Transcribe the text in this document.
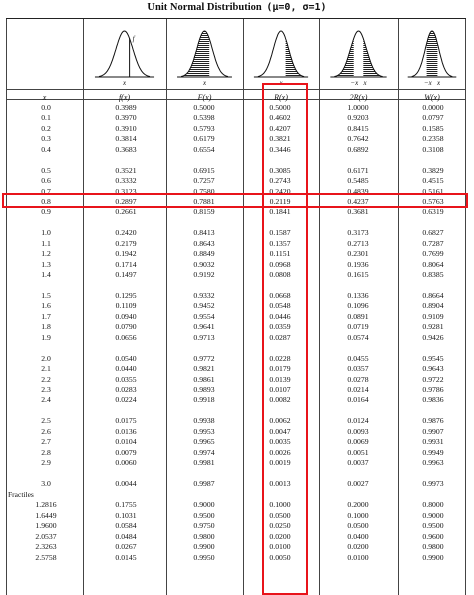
Unit Normal Distribution (μ=0, σ=1)
x
f
x	x	−x   x	−x   x
x	f(x)	F(x)	R(x)	2R(x)	W(x)
0.0	0.3989	0.5000	0.5000	1.0000	0.0000
0.1	0.3970	0.5398	0.4602	0.9203	0.0797
0.2	0.3910	0.5793	0.4207	0.8415	0.1585
0.3	0.3814	0.6179	0.3821	0.7642	0.2358
0.4	0.3683	0.6554	0.3446	0.6892	0.3108
0.5	0.3521	0.6915	0.3085	0.6171	0.3829
0.6	0.3332	0.7257	0.2743	0.5485	0.4515
0.7	0.3123	0.7580	0.2420	0.4839	0.5161
0.8	0.2897	0.7881	0.2119	0.4237	0.5763
0.9	0.2661	0.8159	0.1841	0.3681	0.6319
1.0	0.2420	0.8413	0.1587	0.3173	0.6827
1.1	0.2179	0.8643	0.1357	0.2713	0.7287
1.2	0.1942	0.8849	0.1151	0.2301	0.7699
1.3	0.1714	0.9032	0.0968	0.1936	0.8064
1.4	0.1497	0.9192	0.0808	0.1615	0.8385
1.5	0.1295	0.9332	0.0668	0.1336	0.8664
1.6	0.1109	0.9452	0.0548	0.1096	0.8904
1.7	0.0940	0.9554	0.0446	0.0891	0.9109
1.8	0.0790	0.9641	0.0359	0.0719	0.9281
1.9	0.0656	0.9713	0.0287	0.0574	0.9426
2.0	0.0540	0.9772	0.0228	0.0455	0.9545
2.1	0.0440	0.9821	0.0179	0.0357	0.9643
2.2	0.0355	0.9861	0.0139	0.0278	0.9722
2.3	0.0283	0.9893	0.0107	0.0214	0.9786
2.4	0.0224	0.9918	0.0082	0.0164	0.9836
2.5	0.0175	0.9938	0.0062	0.0124	0.9876
2.6	0.0136	0.9953	0.0047	0.0093	0.9907
2.7	0.0104	0.9965	0.0035	0.0069	0.9931
2.8	0.0079	0.9974	0.0026	0.0051	0.9949
2.9	0.0060	0.9981	0.0019	0.0037	0.9963
3.0	0.0044	0.9987	0.0013	0.0027	0.9973
Fractiles
1.2816	0.1755	0.9000	0.1000	0.2000	0.8000
1.6449	0.1031	0.9500	0.0500	0.1000	0.9000
1.9600	0.0584	0.9750	0.0250	0.0500	0.9500
2.0537	0.0484	0.9800	0.0200	0.0400	0.9600
2.3263	0.0267	0.9900	0.0100	0.0200	0.9800
2.5758	0.0145	0.9950	0.0050	0.0100	0.9900
